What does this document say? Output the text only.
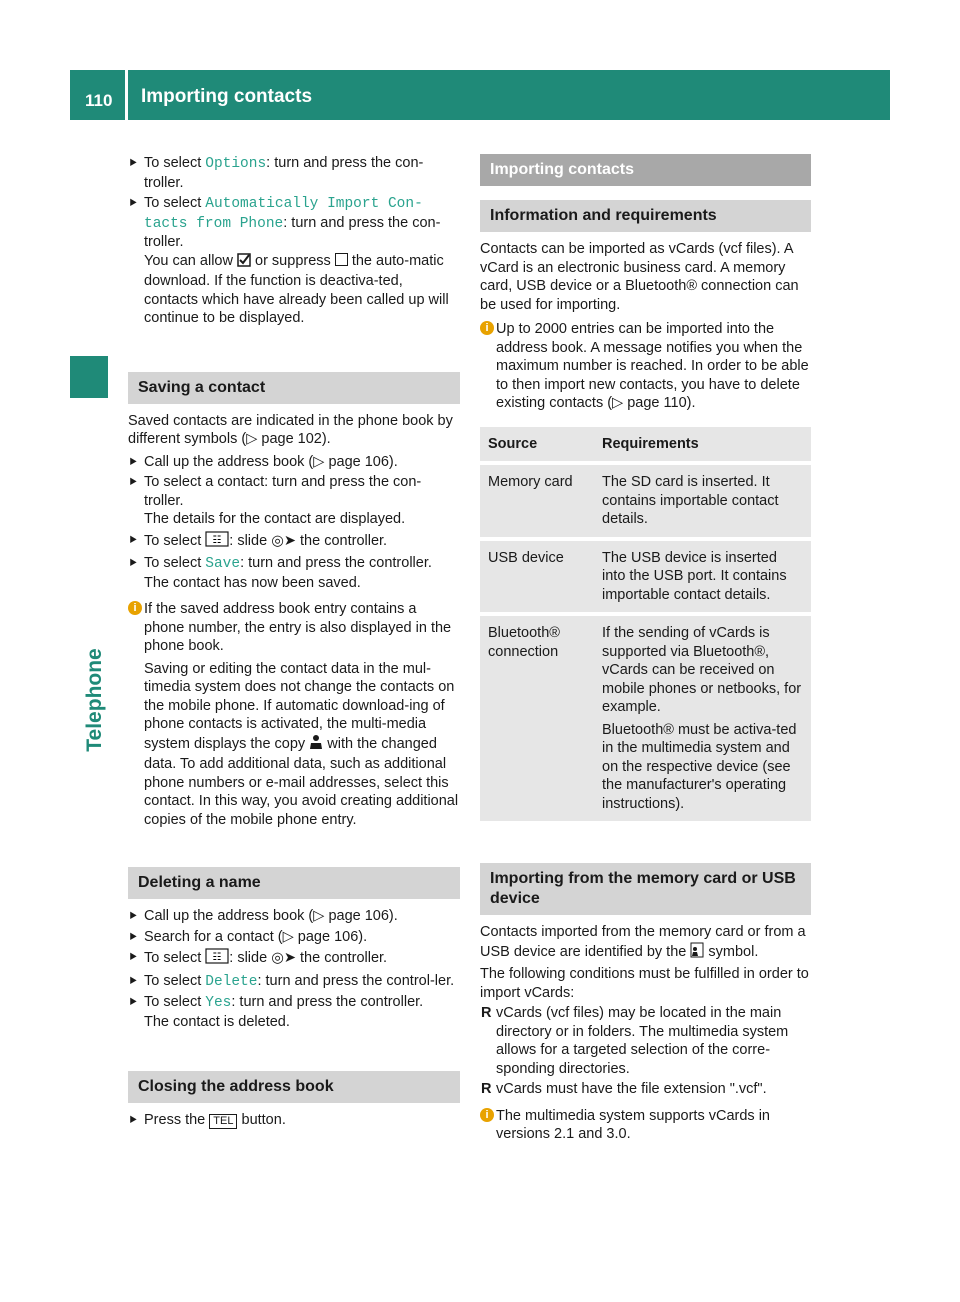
110 Importing contacts
Telephone
⯈ To select Options: turn and press the con-troller.
⯈ To select Automatically Import Con-tacts from Phone: turn and press the con-troller.
You can allow or suppress the auto-matic download. If the function is deactiva-ted, contacts which have already been called up will continue to be displayed.
Saving a contact

Saved contacts are indicated in the phone book by different symbols (▷ page 102).

⯈ Call up the address book (▷ page 106).
⯈ To select a contact: turn and press the con-troller.
The details for the contact are displayed.
⯈ To select ☷ : slide ◎➤ the controller.
⯈ To select Save: turn and press the controller.
The contact has now been saved.
i If the saved address book entry contains a phone number, the entry is also displayed in the phone book.

Saving or editing the contact data in the mul-timedia system does not change the contacts on the mobile phone. If automatic download-ing of phone contacts is activated, the multi-media system displays the copy with the changed data. To add additional data, such as additional phone numbers or e-mail addresses, select this contact. In this way, you avoid creating additional copies of the mobile phone entry.

Deleting a name
⯈ Call up the address book (▷ page 106).
⯈ Search for a contact (▷ page 106).
⯈ To select ☷ : slide ◎➤ the controller.
⯈ To select Delete: turn and press the control-ler.
⯈ To select Yes: turn and press the controller.
The contact is deleted.
Closing the address book
⯈ Press the TEL button.
Importing contacts
Information and requirements

Contacts can be imported as vCards (vcf files). A vCard is an electronic business card. A memory card, USB device or a Bluetooth® connection can be used for importing.

i Up to 2000 entries can be imported into the address book. A message notifies you when the maximum number is reached. In order to be able to then import new contacts, you have to delete existing contacts (▷ page 110).

Source	Requirements
Memory card	The SD card is inserted. It contains importable contact details.
USB device	The USB device is inserted into the USB port. It contains importable contact details.
Bluetooth® connection	If the sending of vCards is supported via Bluetooth®, vCards can be received on mobile phones or netbooks, for example.

Bluetooth® must be activa-ted in the multimedia system and on the respective device (see the manufacturer's operating instructions).

Importing from the memory card or USB device

Contacts imported from the memory card or from a USB device are identified by the symbol.

The following conditions must be fulfilled in order to import vCards:

R vCards (vcf files) may be located in the main directory or in folders. The multimedia system allows for a targeted selection of the corre-sponding directories.
R vCards must have the file extension ".vcf".
i The multimedia system supports vCards in versions 2.1 and 3.0.
